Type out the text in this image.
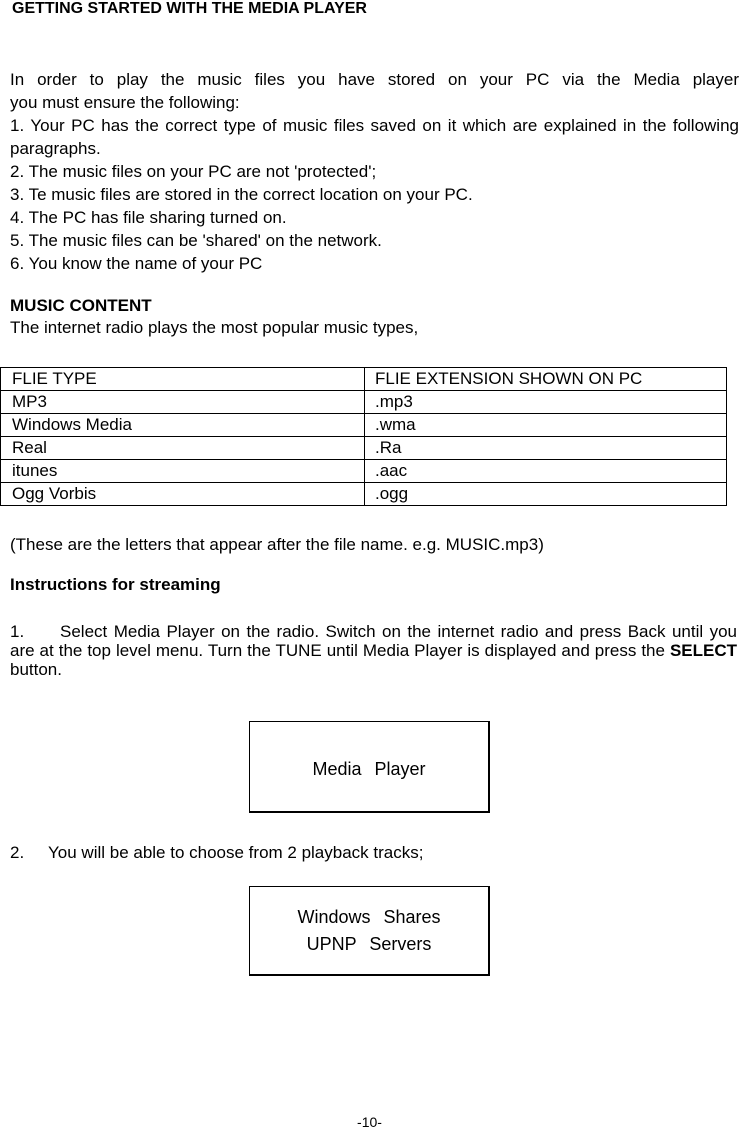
GETTING STARTED WITH THE MEDIA PLAYER
In order to play the music files you have stored on your PC via the Media player
you must ensure the following:
1. Your PC has the correct type of music files saved on it which are explained in the following paragraphs.
2. The music files on your PC are not 'protected';
3. Te music files are stored in the correct location on your PC.
4. The PC has file sharing turned on.
5. The music files can be 'shared' on the network.
6. You know the name of your PC
MUSIC CONTENT
The internet radio plays the most popular music types,
FLIE TYPE	FLIE EXTENSION SHOWN ON PC
MP3	.mp3
Windows Media	.wma
Real	.Ra
itunes	.aac
Ogg Vorbis	.ogg
(These are the letters that appear after the file name. e.g. MUSIC.mp3)
Instructions for streaming
1. Select Media Player on the radio. Switch on the internet radio and press Back until you are at the top level menu. Turn the TUNE until Media Player is displayed and press the SELECT button.
Media Player
2. You will be able to choose from 2 playback tracks;
Windows Shares
UPNP Servers
-10-
